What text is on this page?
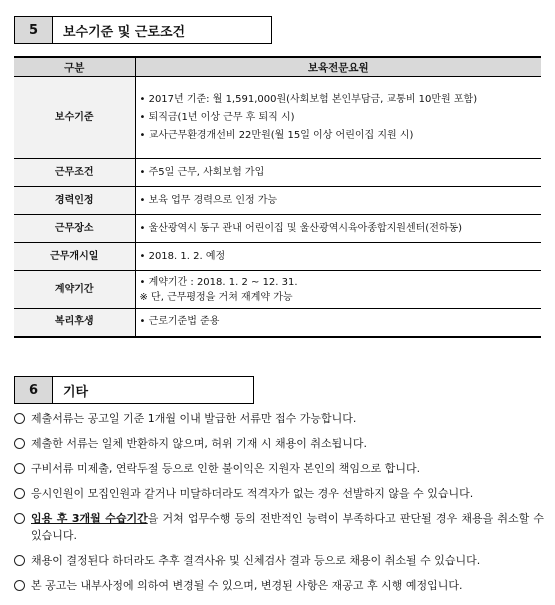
5	보수기준 및 근로조건
구분	보육전문요원
보수기준	• 2017년 기준: 월 1,591,000원(사회보험 본인부담금, 교통비 10만원 포함)
• 퇴직금(1년 이상 근무 후 퇴직 시)
• 교사근무환경개선비 22만원(월 15일 이상 어린이집 지원 시)

근무조건	• 주5일 근무, 사회보험 가입

경력인정	• 보육 업무 경력으로 인정 가능

근무장소	• 울산광역시 동구 관내 어린이집 및 울산광역시육아종합지원센터(전하동)

근무개시일	• 2018. 1. 2. 예정

계약기간	• 계약기간 : 2018. 1. 2 ~ 12. 31.
※ 단, 근무평정을 거쳐 재계약 가능

복리후생	• 근로기준법 준용
6	기타
제출서류는 공고일 기준 1개월 이내 발급한 서류만 접수 가능합니다.
제출한 서류는 일체 반환하지 않으며, 허위 기재 시 채용이 취소됩니다.
구비서류 미제출, 연락두절 등으로 인한 불이익은 지원자 본인의 책임으로 합니다.
응시인원이 모집인원과 같거나 미달하더라도 적격자가 없는 경우 선발하지 않을 수 있습니다.
임용 후 3개월 수습기간을 거쳐 업무수행 등의 전반적인 능력이 부족하다고 판단될 경우 채용을 취소할 수 있습니다.
채용이 결정된다 하더라도 추후 결격사유 및 신체검사 결과 등으로 채용이 취소될 수 있습니다.
본 공고는 내부사정에 의하여 변경될 수 있으며, 변경된 사항은 재공고 후 시행 예정입니다.
